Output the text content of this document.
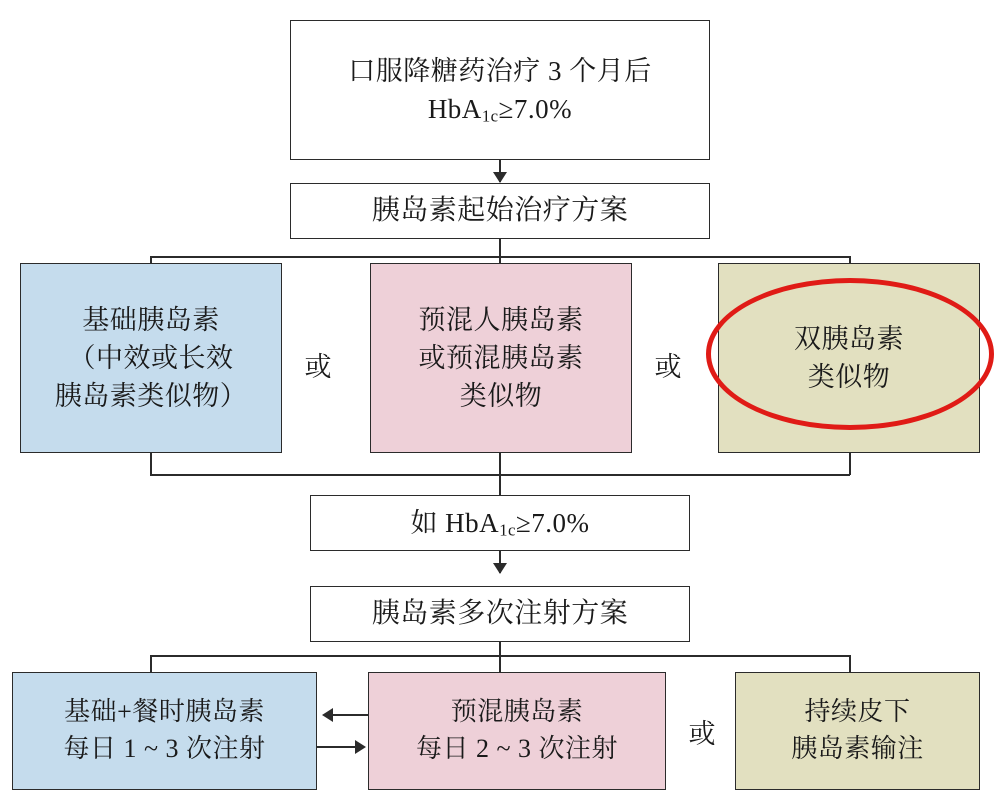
口服降糖药治疗 3 个月后
HbA$_{1c}$≥7.0%
胰岛素起始治疗方案
基础胰岛素
（中效或长效
胰岛素类似物）
或
预混人胰岛素
或预混胰岛素
类似物
或
双胰岛素
类似物
如 HbA$_{1c}$≥7.0%
胰岛素多次注射方案
基础+餐时胰岛素
每日 1 ~ 3 次注射
预混胰岛素
每日 2 ~ 3 次注射	或
持续皮下
胰岛素输注
